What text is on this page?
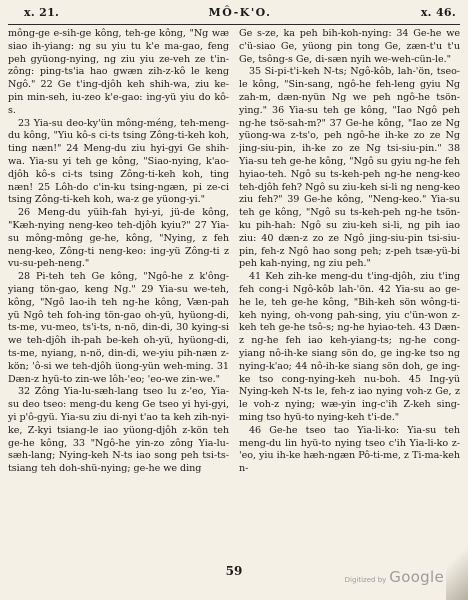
x. 21.	MÔ-K'O.	x. 46.

mông-ge e-sih-ge kông, teh-ge kông, "Ng wæ siao ih-yiang: ng su yiu tu k'e ma-gao, feng peh gyüong-nying, ng ziu yiu ze-veh ze t'in-zông: ping-ts'ia hao gwæn zih-z-kô le keng Ngô." 22 Ge t'ing-djôh keh shih-wa, ziu ke-pin min-seh, iu-zeo k'e-gao: ing-yü yiu do kô-s.

23 Yia-su deo-ky'ün mông-méng, teh-meng-du kông, "Yiu kô-s ci-ts tsing Zông-ti-keh koh, ting næn!" 24 Meng-du ziu hyi-gyi Ge shih-wa. Yia-su yi teh ge kông, "Siao-nying, k'ao-djôh kô-s ci-ts tsing Zông-ti-keh koh, ting næn! 25 Lôh-do c'in-ku tsing-ngæn, pi ze-ci tsing Zông-ti-keh koh, wa-z ge yüong-yi."

26 Meng-du yüih-fah hyi-yi, jü-de kông, "Kæh-nying neng-keo teh-djôh kyiu?" 27 Yia-su mông-mông ge-he, kông, "Nying, z feh neng-keo, Zông-ti neng-keo: ing-yü Zông-ti z vu-su-peh-neng."

28 Pi-teh teh Ge kông, "Ngô-he z k'ông-yiang tön-gao, keng Ng." 29 Yia-su we-teh, kông, "Ngô lao-ih teh ng-he kông, Væn-pah yü Ngô teh foh-ing tön-gao oh-yü, hyüong-di, ts-me, vu-meo, ts'i-ts, n-nö, din-di, 30 kying-si we teh-djôh ih-pah be-keh oh-yü, hyüong-di, ts-me, nyiang, n-nö, din-di, we-yiu pih-næn z-kön; 'ô-si we teh-djôh üong-yün weh-ming. 31 Dæn-z hyü-to zin-we lôh-'eo; 'eo-we zin-we."

32 Zông Yia-lu-sæh-lang tseo lu z-'eo, Yia-su deo tseo: meng-du keng Ge tseo yi hyi-gyi, yi p'ô-gyü. Yia-su ziu di-nyi t'ao ta keh zih-nyi-ke, Z-kyi tsiang-le iao yüong-djôh z-kön teh ge-he kông, 33 "Ngô-he yin-zo zông Yia-lu-sæh-lang; Nying-keh N-ts iao song peh tsi-ts-tsiang teh doh-shü-nying; ge-he we ding

Ge s-ze, ka peh bih-koh-nying: 34 Ge-he we c'ü-siao Ge, yüong pin tong Ge, zæn-t'u t'u Ge, tsông-s Ge, di-sæn nyih we-weh-cün-le."

35 Si-pi-t'i-keh N-ts; Ngô-kôb, lah-'ön, tseo-le kông, "Sin-sang, ngô-he feh-leng gyiu Ng zah-m, dæn-nyün Ng we peh ngô-he tsön-ying." 36 Yia-su teh ge kông, "Iao Ngô peh ng-he tsö-sah-m?" 37 Ge-he kông, "Iao ze Ng yüong-wa z-ts'o, peh ngô-he ih-ke zo ze Ng jing-siu-pin, ih-ke zo ze Ng tsi-siu-pin." 38 Yia-su teh ge-he kông, "Ngô su gyiu ng-he feh hyiao-teh. Ngô su ts-keh-peh ng-he neng-keo teh-djôh feh? Ngô su ziu-keh si-li ng neng-keo ziu feh?" 39 Ge-he kông, "Neng-keo." Yia-su teh ge kông, "Ngô su ts-keh-peh ng-he tsön-ku pih-hah: Ngô su ziu-keh si-li, ng pih iao ziu: 40 dæn-z zo ze Ngô jing-siu-pin tsi-siu-pin, feh-z Ngô hao song peh; z-peh tsæ-yü-bi peh kah-nying, ng ziu peh."

41 Keh zih-ke meng-du t'ing-djôh, ziu t'ing feh cong-i Ngô-kôb lah-'ön. 42 Yia-su ao ge-he le, teh ge-he kông, "Bih-keh sön wông-ti-keh nying, oh-vong pah-sing, yiu c'ün-won z-keh teh ge-he tsô-s; ng-he hyiao-teh. 43 Dæn-z ng-he feh iao keh-yiang-ts; ng-he cong-yiang nô-ih-ke siang sön do, ge ing-ke tso ng nying-k'ao; 44 nô-ih-ke siang sön doh, ge ing-ke tso cong-nying-keh nu-boh. 45 Ing-yü Nying-keh N-ts le, feh-z iao nying voh-z Ge, z le voh-z nying; wæ-yin ing-c'ih Z-keh sing-ming tso hyü-to nying-keh t'i-de."

46 Ge-he tseo tao Yia-li-ko: Yia-su teh meng-du lin hyü-to nying tseo c'ih Yia-li-ko z-'eo, yiu ih-ke hæh-ngæn Pô-ti-me, z Ti-ma-keh n-

59
Digitized by Google
